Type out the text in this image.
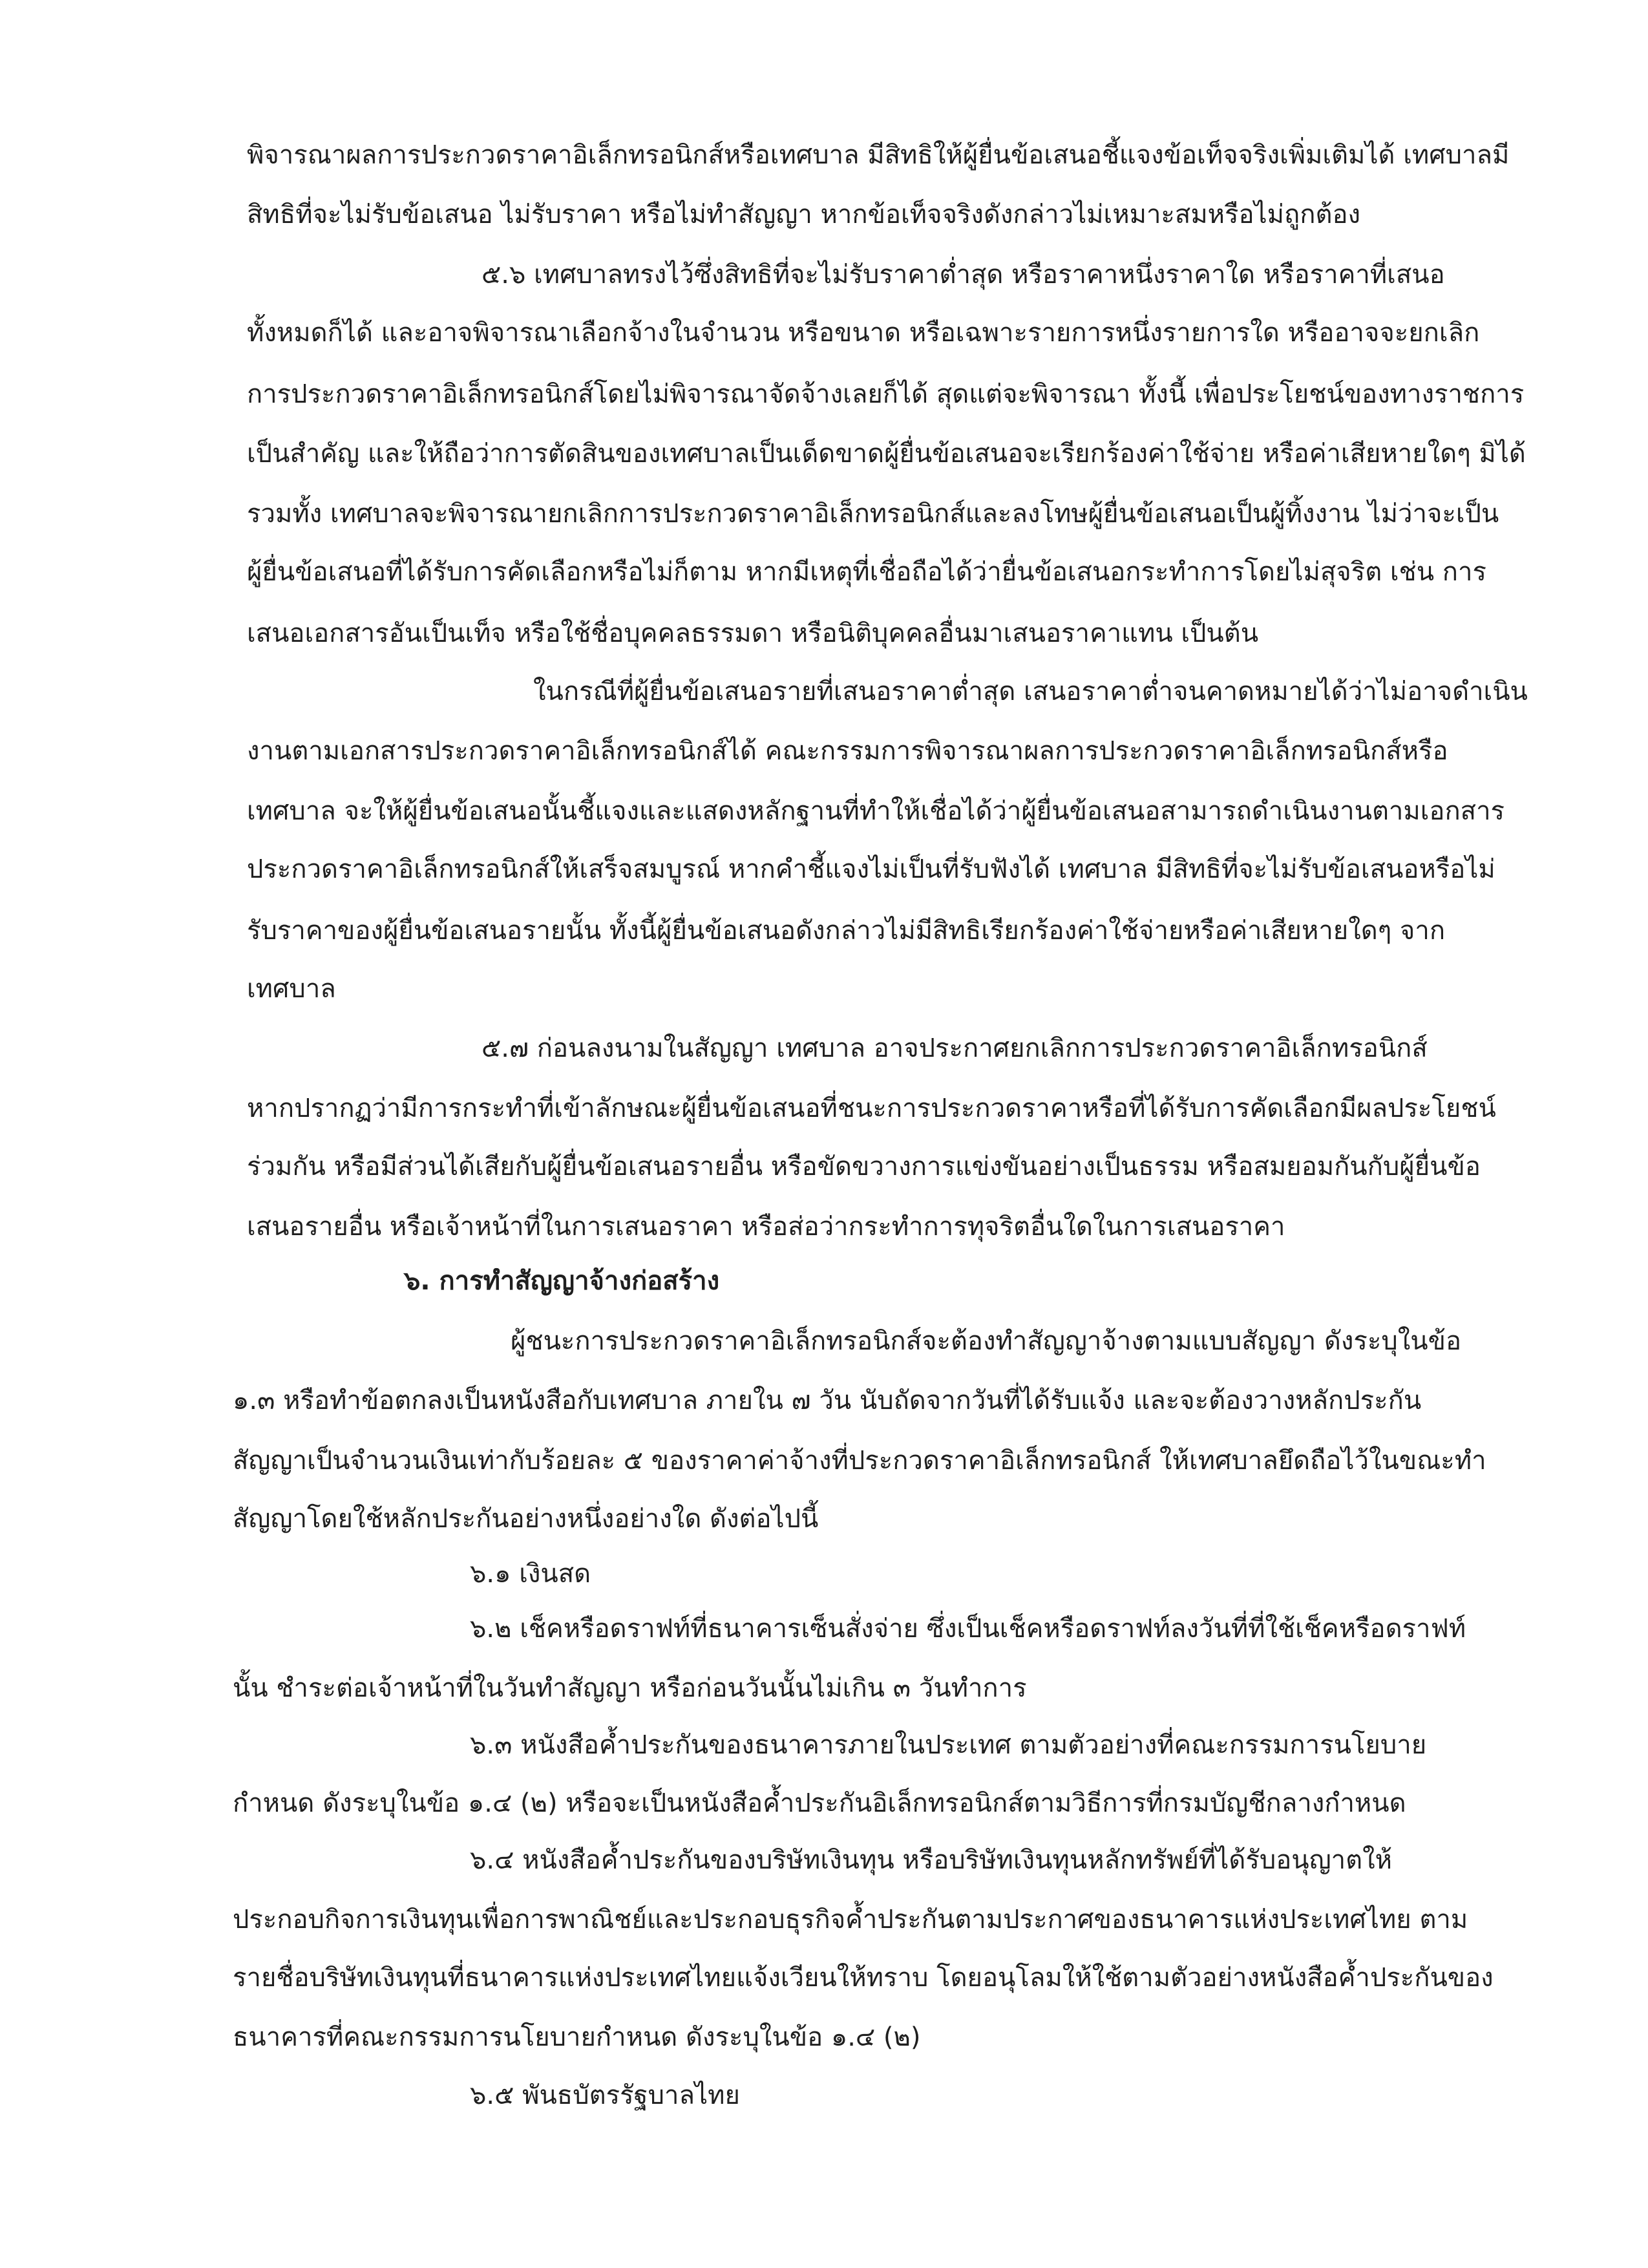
พิจารณาผลการประกวดราคาอิเล็กทรอนิกส์หรือเทศบาล มีสิทธิให้ผู้ยื่นข้อเสนอชี้แจงข้อเท็จจริงเพิ่มเติมได้ เทศบาลมี
สิทธิที่จะไม่รับข้อเสนอ ไม่รับราคา หรือไม่ทำสัญญา หากข้อเท็จจริงดังกล่าวไม่เหมาะสมหรือไม่ถูกต้อง
๕.๖ เทศบาลทรงไว้ซึ่งสิทธิที่จะไม่รับราคาต่ำสุด หรือราคาหนึ่งราคาใด หรือราคาที่เสนอ
ทั้งหมดก็ได้ และอาจพิจารณาเลือกจ้างในจำนวน หรือขนาด หรือเฉพาะรายการหนึ่งรายการใด หรืออาจจะยกเลิก
การประกวดราคาอิเล็กทรอนิกส์โดยไม่พิจารณาจัดจ้างเลยก็ได้ สุดแต่จะพิจารณา ทั้งนี้ เพื่อประโยชน์ของทางราชการ
เป็นสำคัญ และให้ถือว่าการตัดสินของเทศบาลเป็นเด็ดขาดผู้ยื่นข้อเสนอจะเรียกร้องค่าใช้จ่าย หรือค่าเสียหายใดๆ มิได้
รวมทั้ง เทศบาลจะพิจารณายกเลิกการประกวดราคาอิเล็กทรอนิกส์และลงโทษผู้ยื่นข้อเสนอเป็นผู้ทิ้งงาน ไม่ว่าจะเป็น
ผู้ยื่นข้อเสนอที่ได้รับการคัดเลือกหรือไม่ก็ตาม หากมีเหตุที่เชื่อถือได้ว่ายื่นข้อเสนอกระทำการโดยไม่สุจริต เช่น การ
เสนอเอกสารอันเป็นเท็จ หรือใช้ชื่อบุคคลธรรมดา หรือนิติบุคคลอื่นมาเสนอราคาแทน เป็นต้น
ในกรณีที่ผู้ยื่นข้อเสนอรายที่เสนอราคาต่ำสุด เสนอราคาต่ำจนคาดหมายได้ว่าไม่อาจดำเนิน
งานตามเอกสารประกวดราคาอิเล็กทรอนิกส์ได้ คณะกรรมการพิจารณาผลการประกวดราคาอิเล็กทรอนิกส์หรือ
เทศบาล จะให้ผู้ยื่นข้อเสนอนั้นชี้แจงและแสดงหลักฐานที่ทำให้เชื่อได้ว่าผู้ยื่นข้อเสนอสามารถดำเนินงานตามเอกสาร
ประกวดราคาอิเล็กทรอนิกส์ให้เสร็จสมบูรณ์ หากคำชี้แจงไม่เป็นที่รับฟังได้ เทศบาล มีสิทธิที่จะไม่รับข้อเสนอหรือไม่
รับราคาของผู้ยื่นข้อเสนอรายนั้น ทั้งนี้ผู้ยื่นข้อเสนอดังกล่าวไม่มีสิทธิเรียกร้องค่าใช้จ่ายหรือค่าเสียหายใดๆ จาก
เทศบาล
๕.๗ ก่อนลงนามในสัญญา เทศบาล อาจประกาศยกเลิกการประกวดราคาอิเล็กทรอนิกส์
หากปรากฏว่ามีการกระทำที่เข้าลักษณะผู้ยื่นข้อเสนอที่ชนะการประกวดราคาหรือที่ได้รับการคัดเลือกมีผลประโยชน์
ร่วมกัน หรือมีส่วนได้เสียกับผู้ยื่นข้อเสนอรายอื่น หรือขัดขวางการแข่งขันอย่างเป็นธรรม หรือสมยอมกันกับผู้ยื่นข้อ
เสนอรายอื่น หรือเจ้าหน้าที่ในการเสนอราคา หรือส่อว่ากระทำการทุจริตอื่นใดในการเสนอราคา
๖. การทำสัญญาจ้างก่อสร้าง
ผู้ชนะการประกวดราคาอิเล็กทรอนิกส์จะต้องทำสัญญาจ้างตามแบบสัญญา ดังระบุในข้อ
๑.๓ หรือทำข้อตกลงเป็นหนังสือกับเทศบาล ภายใน ๗ วัน นับถัดจากวันที่ได้รับแจ้ง และจะต้องวางหลักประกัน
สัญญาเป็นจำนวนเงินเท่ากับร้อยละ ๕ ของราคาค่าจ้างที่ประกวดราคาอิเล็กทรอนิกส์ ให้เทศบาลยึดถือไว้ในขณะทำ
สัญญาโดยใช้หลักประกันอย่างหนึ่งอย่างใด ดังต่อไปนี้
๖.๑ เงินสด
๖.๒ เช็คหรือดราฟท์ที่ธนาคารเซ็นสั่งจ่าย ซึ่งเป็นเช็คหรือดราฟท์ลงวันที่ที่ใช้เช็คหรือดราฟท์
นั้น ชำระต่อเจ้าหน้าที่ในวันทำสัญญา หรือก่อนวันนั้นไม่เกิน ๓ วันทำการ
๖.๓ หนังสือค้ำประกันของธนาคารภายในประเทศ ตามตัวอย่างที่คณะกรรมการนโยบาย
กำหนด ดังระบุในข้อ ๑.๔ (๒) หรือจะเป็นหนังสือค้ำประกันอิเล็กทรอนิกส์ตามวิธีการที่กรมบัญชีกลางกำหนด
๖.๔ หนังสือค้ำประกันของบริษัทเงินทุน หรือบริษัทเงินทุนหลักทรัพย์ที่ได้รับอนุญาตให้
ประกอบกิจการเงินทุนเพื่อการพาณิชย์และประกอบธุรกิจค้ำประกันตามประกาศของธนาคารแห่งประเทศไทย ตาม
รายชื่อบริษัทเงินทุนที่ธนาคารแห่งประเทศไทยแจ้งเวียนให้ทราบ โดยอนุโลมให้ใช้ตามตัวอย่างหนังสือค้ำประกันของ
ธนาคารที่คณะกรรมการนโยบายกำหนด ดังระบุในข้อ ๑.๔ (๒)
๖.๕ พันธบัตรรัฐบาลไทย
